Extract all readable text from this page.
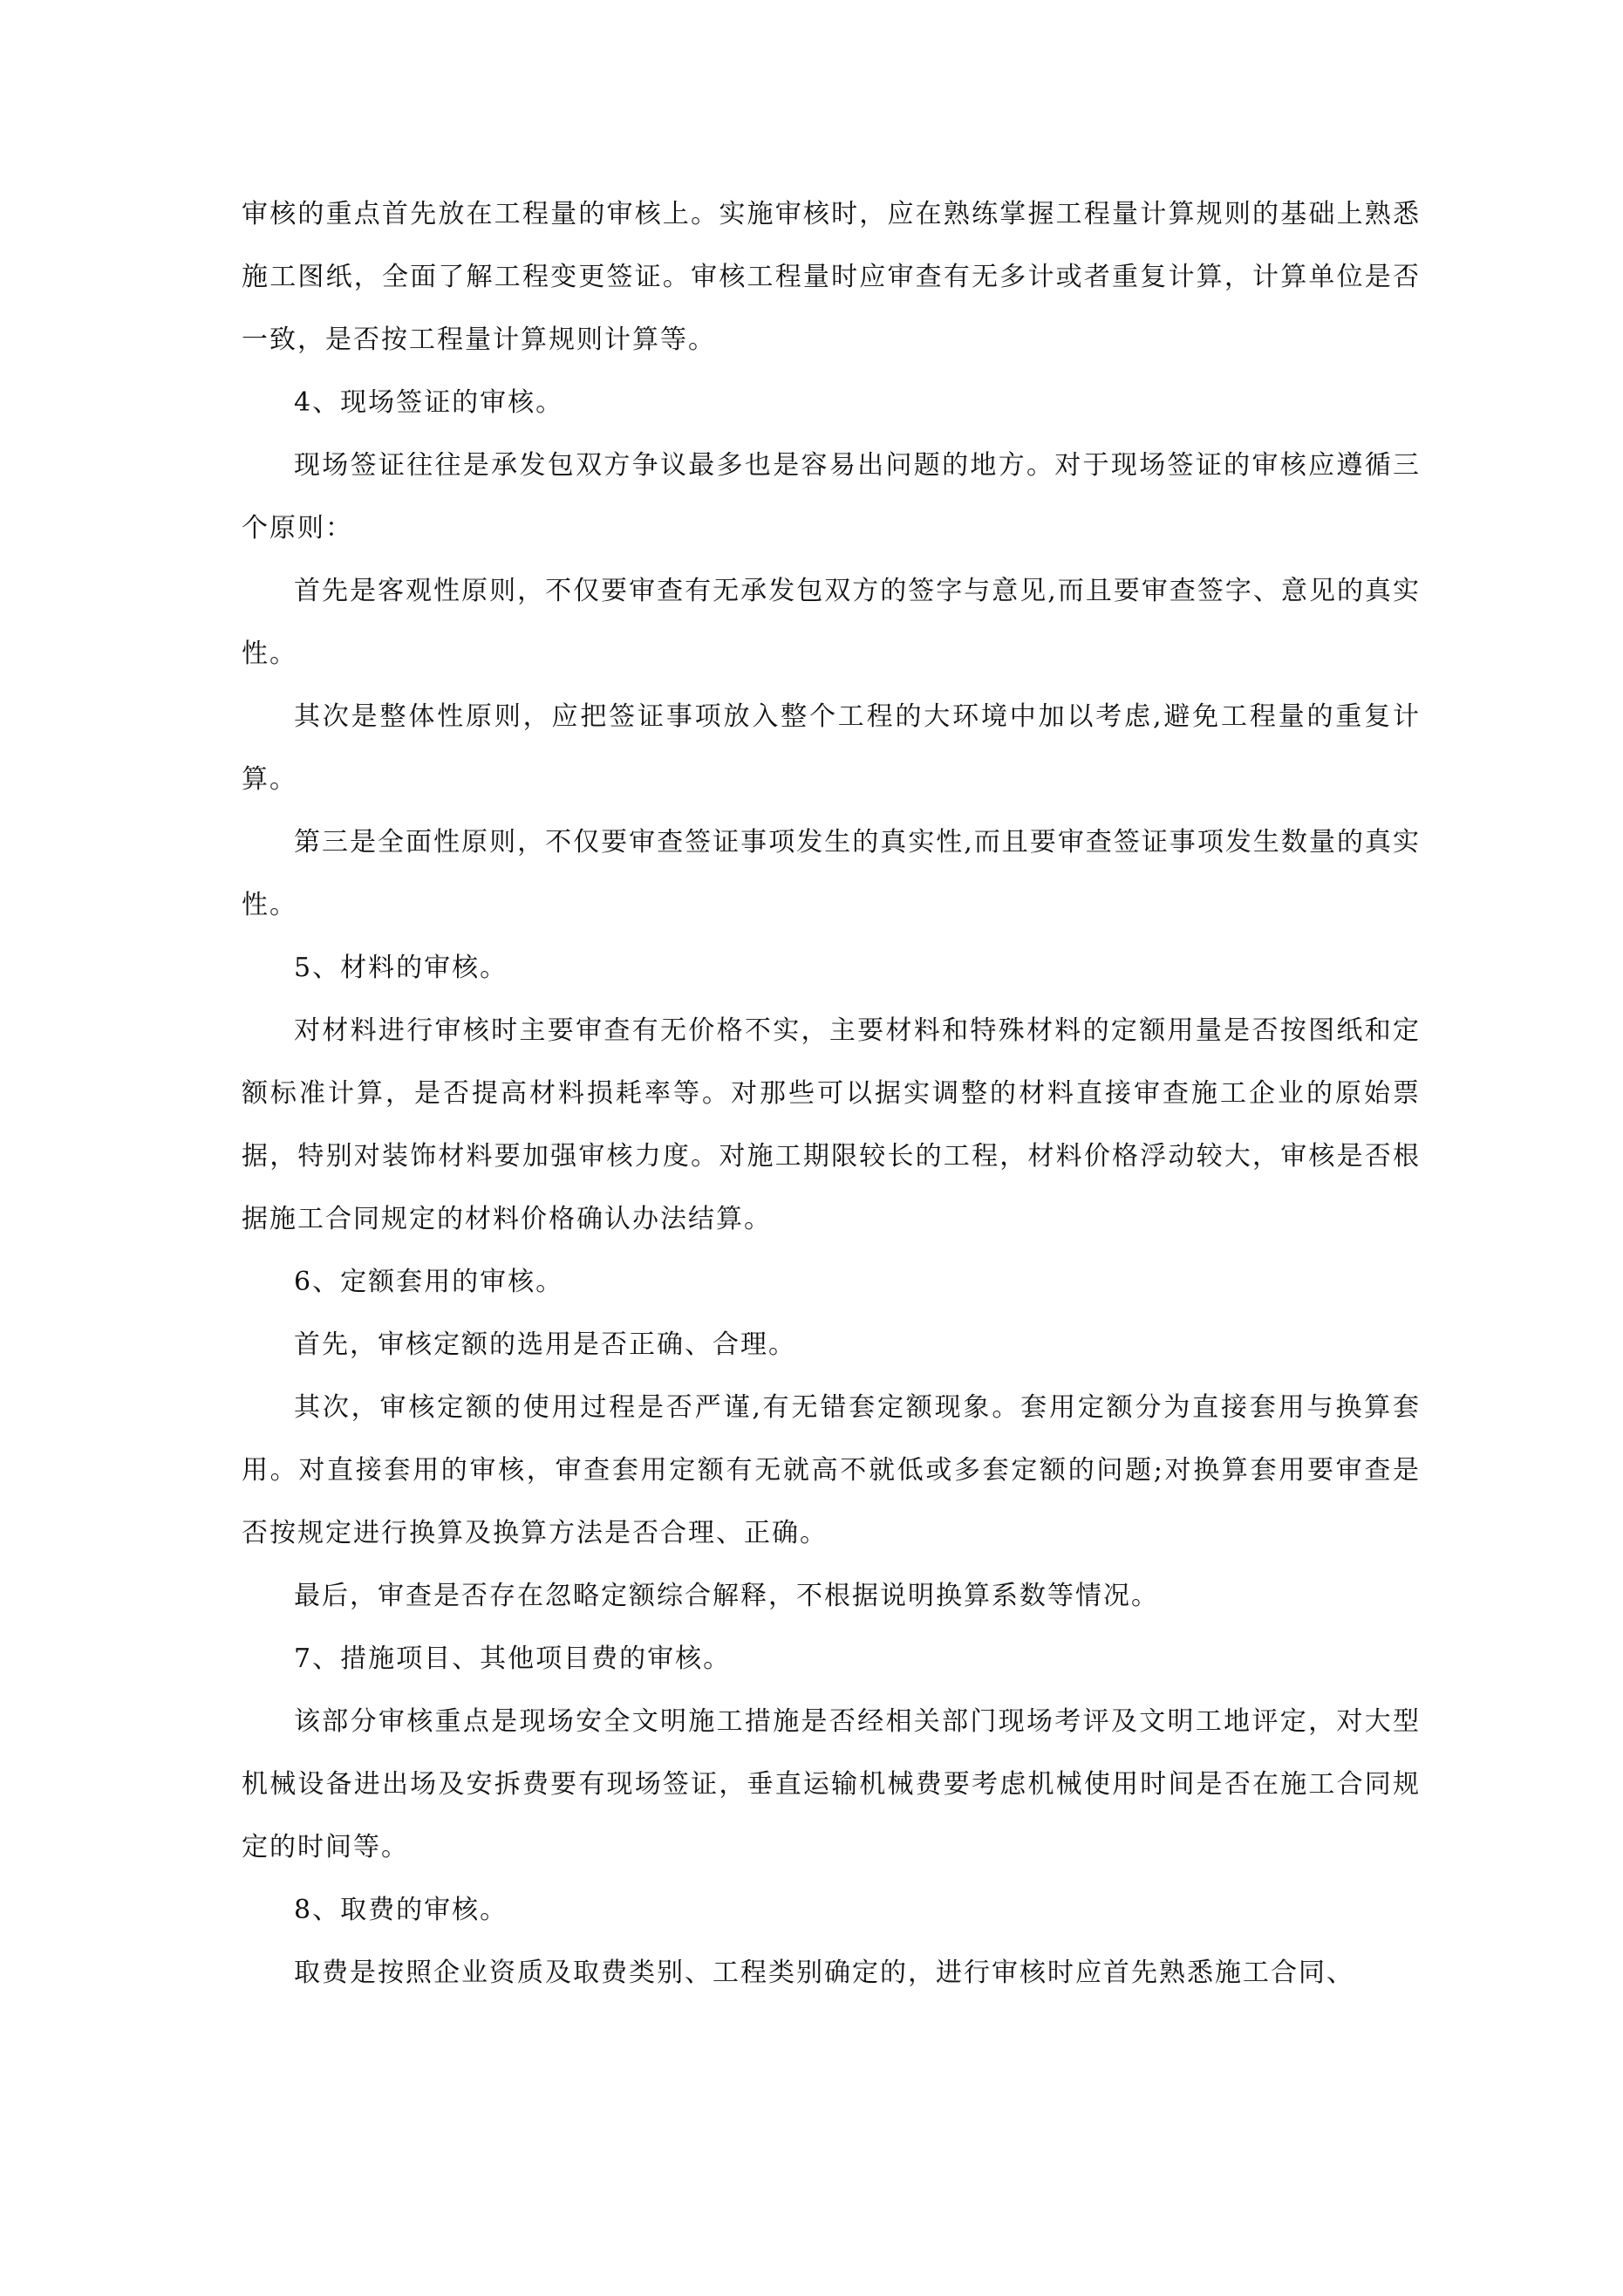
审核的重点首先放在工程量的审核上。实施审核时，应在熟练掌握工程量计算规则的基础上熟悉施工图纸，全面了解工程变更签证。审核工程量时应审查有无多计或者重复计算，计算单位是否一致，是否按工程量计算规则计算等。

4、现场签证的审核。

现场签证往往是承发包双方争议最多也是容易出问题的地方。对于现场签证的审核应遵循三个原则：

首先是客观性原则，不仅要审查有无承发包双方的签字与意见,而且要审查签字、意见的真实性。

其次是整体性原则，应把签证事项放入整个工程的大环境中加以考虑,避免工程量的重复计算。

第三是全面性原则，不仅要审查签证事项发生的真实性,而且要审查签证事项发生数量的真实性。

5、材料的审核。

对材料进行审核时主要审查有无价格不实，主要材料和特殊材料的定额用量是否按图纸和定额标准计算，是否提高材料损耗率等。对那些可以据实调整的材料直接审查施工企业的原始票据，特别对装饰材料要加强审核力度。对施工期限较长的工程，材料价格浮动较大，审核是否根据施工合同规定的材料价格确认办法结算。

6、定额套用的审核。

首先，审核定额的选用是否正确、合理。

其次，审核定额的使用过程是否严谨,有无错套定额现象。套用定额分为直接套用与换算套用。对直接套用的审核，审查套用定额有无就高不就低或多套定额的问题;对换算套用要审查是否按规定进行换算及换算方法是否合理、正确。

最后，审查是否存在忽略定额综合解释，不根据说明换算系数等情况。

7、措施项目、其他项目费的审核。

该部分审核重点是现场安全文明施工措施是否经相关部门现场考评及文明工地评定，对大型机械设备进出场及安拆费要有现场签证，垂直运输机械费要考虑机械使用时间是否在施工合同规定的时间等。

8、取费的审核。

取费是按照企业资质及取费类别、工程类别确定的，进行审核时应首先熟悉施工合同、
